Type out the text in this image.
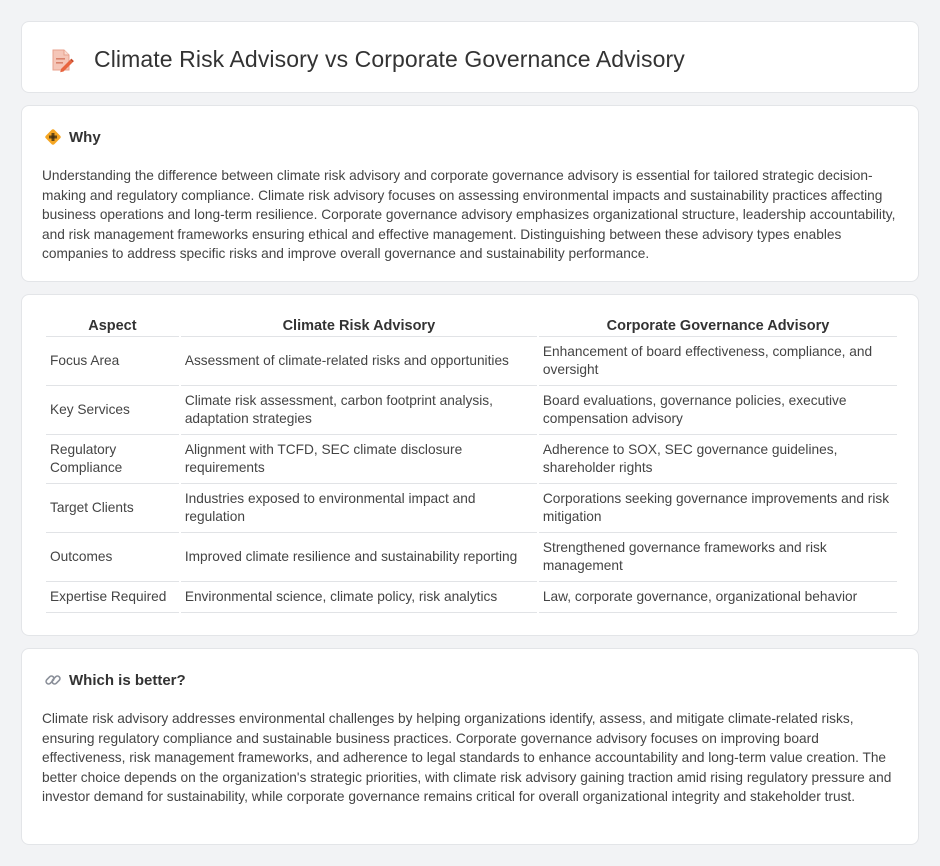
Climate Risk Advisory vs Corporate Governance Advisory
Why

Understanding the difference between climate risk advisory and corporate governance advisory is essential for tailored strategic decision-making and regulatory compliance. Climate risk advisory focuses on assessing environmental impacts and sustainability practices affecting business operations and long-term resilience. Corporate governance advisory emphasizes organizational structure, leadership accountability, and risk management frameworks ensuring ethical and effective management. Distinguishing between these advisory types enables companies to address specific risks and improve overall governance and sustainability performance.

Aspect	Climate Risk Advisory	Corporate Governance Advisory
Focus Area	Assessment of climate-related risks and opportunities	Enhancement of board effectiveness, compliance, and oversight
Key Services	Climate risk assessment, carbon footprint analysis, adaptation strategies	Board evaluations, governance policies, executive compensation advisory
Regulatory Compliance	Alignment with TCFD, SEC climate disclosure requirements	Adherence to SOX, SEC governance guidelines, shareholder rights
Target Clients	Industries exposed to environmental impact and regulation	Corporations seeking governance improvements and risk mitigation
Outcomes	Improved climate resilience and sustainability reporting	Strengthened governance frameworks and risk management
Expertise Required	Environmental science, climate policy, risk analytics	Law, corporate governance, organizational behavior
Which is better?

Climate risk advisory addresses environmental challenges by helping organizations identify, assess, and mitigate climate-related risks, ensuring regulatory compliance and sustainable business practices. Corporate governance advisory focuses on improving board effectiveness, risk management frameworks, and adherence to legal standards to enhance accountability and long-term value creation. The better choice depends on the organization's strategic priorities, with climate risk advisory gaining traction amid rising regulatory pressure and investor demand for sustainability, while corporate governance remains critical for overall organizational integrity and stakeholder trust.
